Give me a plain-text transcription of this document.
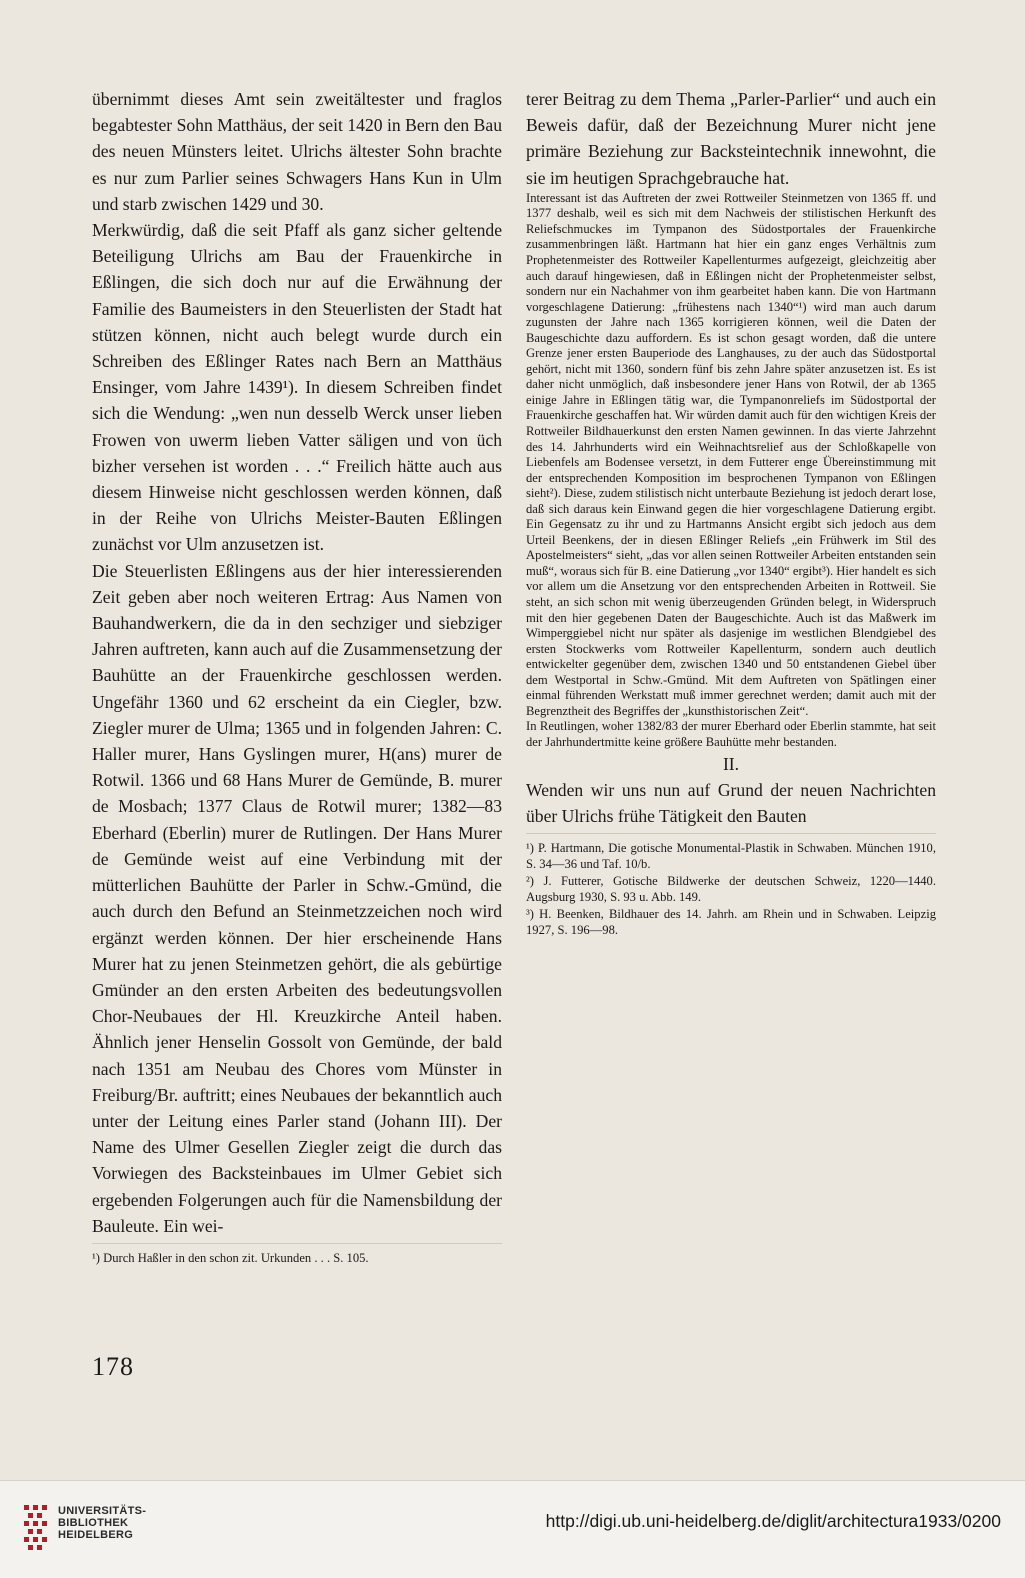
übernimmt dieses Amt sein zweitältester und fraglos begabtester Sohn Matthäus, der seit 1420 in Bern den Bau des neuen Münsters leitet. Ulrichs ältester Sohn brachte es nur zum Parlier seines Schwagers Hans Kun in Ulm und starb zwischen 1429 und 30.

Merkwürdig, daß die seit Pfaff als ganz sicher geltende Beteiligung Ulrichs am Bau der Frauenkirche in Eßlingen, die sich doch nur auf die Erwähnung der Familie des Baumeisters in den Steuerlisten der Stadt hat stützen können, nicht auch belegt wurde durch ein Schreiben des Eßlinger Rates nach Bern an Matthäus Ensinger, vom Jahre 1439¹). In diesem Schreiben findet sich die Wendung: „wen nun desselb Werck unser lieben Frowen von uwerm lieben Vatter säligen und von üch bizher versehen ist worden . . .“ Freilich hätte auch aus diesem Hinweise nicht geschlossen werden können, daß in der Reihe von Ulrichs Meister-Bauten Eßlingen zunächst vor Ulm anzusetzen ist.

Die Steuerlisten Eßlingens aus der hier interessierenden Zeit geben aber noch weiteren Ertrag: Aus Namen von Bauhandwerkern, die da in den sechziger und siebziger Jahren auftreten, kann auch auf die Zusammensetzung der Bauhütte an der Frauenkirche geschlossen werden. Ungefähr 1360 und 62 erscheint da ein Ciegler, bzw. Ziegler murer de Ulma; 1365 und in folgenden Jahren: C. Haller murer, Hans Gyslingen murer, H(ans) murer de Rotwil. 1366 und 68 Hans Murer de Gemünde, B. murer de Mosbach; 1377 Claus de Rotwil murer; 1382—83 Eberhard (Eberlin) murer de Rutlingen. Der Hans Murer de Gemünde weist auf eine Verbindung mit der mütterlichen Bauhütte der Parler in Schw.-Gmünd, die auch durch den Befund an Steinmetzzeichen noch wird ergänzt werden können. Der hier erscheinende Hans Murer hat zu jenen Steinmetzen gehört, die als gebürtige Gmünder an den ersten Arbeiten des bedeutungsvollen Chor-Neubaues der Hl. Kreuzkirche Anteil haben. Ähnlich jener Henselin Gossolt von Gemünde, der bald nach 1351 am Neubau des Chores vom Münster in Freiburg/Br. auftritt; eines Neubaues der bekanntlich auch unter der Leitung eines Parler stand (Johann III). Der Name des Ulmer Gesellen Ziegler zeigt die durch das Vorwiegen des Backsteinbaues im Ulmer Gebiet sich ergebenden Folgerungen auch für die Namensbildung der Bauleute. Ein wei-

¹) Durch Haßler in den schon zit. Urkunden . . . S. 105.

terer Beitrag zu dem Thema „Parler-Parlier“ und auch ein Beweis dafür, daß der Bezeichnung Murer nicht jene primäre Beziehung zur Backsteintechnik innewohnt, die sie im heutigen Sprachgebrauche hat.

Interessant ist das Auftreten der zwei Rottweiler Steinmetzen von 1365 ff. und 1377 deshalb, weil es sich mit dem Nachweis der stilistischen Herkunft des Reliefschmuckes im Tympanon des Südostportales der Frauenkirche zusammenbringen läßt. Hartmann hat hier ein ganz enges Verhältnis zum Prophetenmeister des Rottweiler Kapellenturmes aufgezeigt, gleichzeitig aber auch darauf hingewiesen, daß in Eßlingen nicht der Prophetenmeister selbst, sondern nur ein Nachahmer von ihm gearbeitet haben kann. Die von Hartmann vorgeschlagene Datierung: „frühestens nach 1340“¹) wird man auch darum zugunsten der Jahre nach 1365 korrigieren können, weil die Daten der Baugeschichte dazu auffordern. Es ist schon gesagt worden, daß die untere Grenze jener ersten Bauperiode des Langhauses, zu der auch das Südostportal gehört, nicht mit 1360, sondern fünf bis zehn Jahre später anzusetzen ist. Es ist daher nicht unmöglich, daß insbesondere jener Hans von Rotwil, der ab 1365 einige Jahre in Eßlingen tätig war, die Tympanonreliefs im Südostportal der Frauenkirche geschaffen hat. Wir würden damit auch für den wichtigen Kreis der Rottweiler Bildhauerkunst den ersten Namen gewinnen. In das vierte Jahrzehnt des 14. Jahrhunderts wird ein Weihnachtsrelief aus der Schloßkapelle von Liebenfels am Bodensee versetzt, in dem Futterer enge Übereinstimmung mit der entsprechenden Komposition im besprochenen Tympanon von Eßlingen sieht²). Diese, zudem stilistisch nicht unterbaute Beziehung ist jedoch derart lose, daß sich daraus kein Einwand gegen die hier vorgeschlagene Datierung ergibt. Ein Gegensatz zu ihr und zu Hartmanns Ansicht ergibt sich jedoch aus dem Urteil Beenkens, der in diesen Eßlinger Reliefs „ein Frühwerk im Stil des Apostelmeisters“ sieht, „das vor allen seinen Rottweiler Arbeiten entstanden sein muß“, woraus sich für B. eine Datierung „vor 1340“ ergibt³). Hier handelt es sich vor allem um die Ansetzung vor den entsprechenden Arbeiten in Rottweil. Sie steht, an sich schon mit wenig überzeugenden Gründen belegt, in Widerspruch mit den hier gegebenen Daten der Baugeschichte. Auch ist das Maßwerk im Wimperggiebel nicht nur später als dasjenige im westlichen Blendgiebel des ersten Stockwerks vom Rottweiler Kapellenturm, sondern auch deutlich entwickelter gegenüber dem, zwischen 1340 und 50 entstandenen Giebel über dem Westportal in Schw.-Gmünd. Mit dem Auftreten von Spätlingen einer einmal führenden Werkstatt muß immer gerechnet werden; damit auch mit der Begrenztheit des Begriffes der „kunsthistorischen Zeit“.

In Reutlingen, woher 1382/83 der murer Eberhard oder Eberlin stammte, hat seit der Jahrhundertmitte keine größere Bauhütte mehr bestanden.

II.

Wenden wir uns nun auf Grund der neuen Nachrichten über Ulrichs frühe Tätigkeit den Bauten

¹) P. Hartmann, Die gotische Monumental-Plastik in Schwaben. München 1910, S. 34—36 und Taf. 10/b.

²) J. Futterer, Gotische Bildwerke der deutschen Schweiz, 1220—1440. Augsburg 1930, S. 93 u. Abb. 149.

³) H. Beenken, Bildhauer des 14. Jahrh. am Rhein und in Schwaben. Leipzig 1927, S. 196—98.

178
UNIVERSITÄTS-
BIBLIOTHEK
HEIDELBERG
http://digi.ub.uni-heidelberg.de/diglit/architectura1933/0200
